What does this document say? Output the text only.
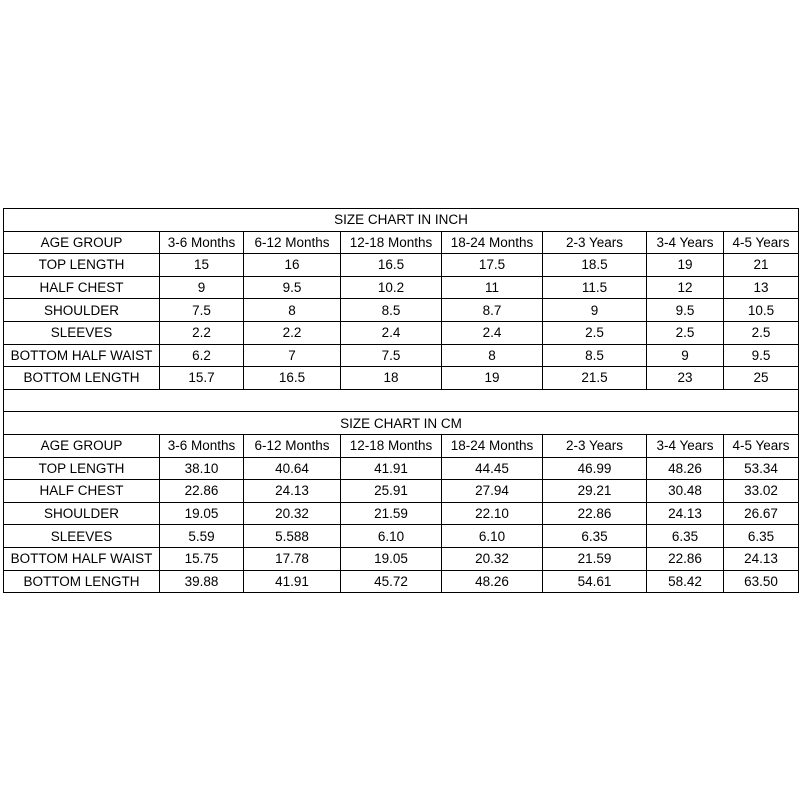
SIZE CHART IN INCH							
AGE GROUP	3-6 Months	6-12 Months	12-18 Months	18-24 Months	2-3 Years	3-4 Years	4-5 Years
TOP LENGTH	15	16	16.5	17.5	18.5	19	21
HALF CHEST	9	9.5	10.2	11	11.5	12	13
SHOULDER	7.5	8	8.5	8.7	9	9.5	10.5
SLEEVES	2.2	2.2	2.4	2.4	2.5	2.5	2.5
BOTTOM HALF WAIST	6.2	7	7.5	8	8.5	9	9.5
BOTTOM LENGTH	15.7	16.5	18	19	21.5	23	25

SIZE CHART IN CM							
AGE GROUP	3-6 Months	6-12 Months	12-18 Months	18-24 Months	2-3 Years	3-4 Years	4-5 Years
TOP LENGTH	38.10	40.64	41.91	44.45	46.99	48.26	53.34
HALF CHEST	22.86	24.13	25.91	27.94	29.21	30.48	33.02
SHOULDER	19.05	20.32	21.59	22.10	22.86	24.13	26.67
SLEEVES	5.59	5.588	6.10	6.10	6.35	6.35	6.35
BOTTOM HALF WAIST	15.75	17.78	19.05	20.32	21.59	22.86	24.13
BOTTOM LENGTH	39.88	41.91	45.72	48.26	54.61	58.42	63.50
